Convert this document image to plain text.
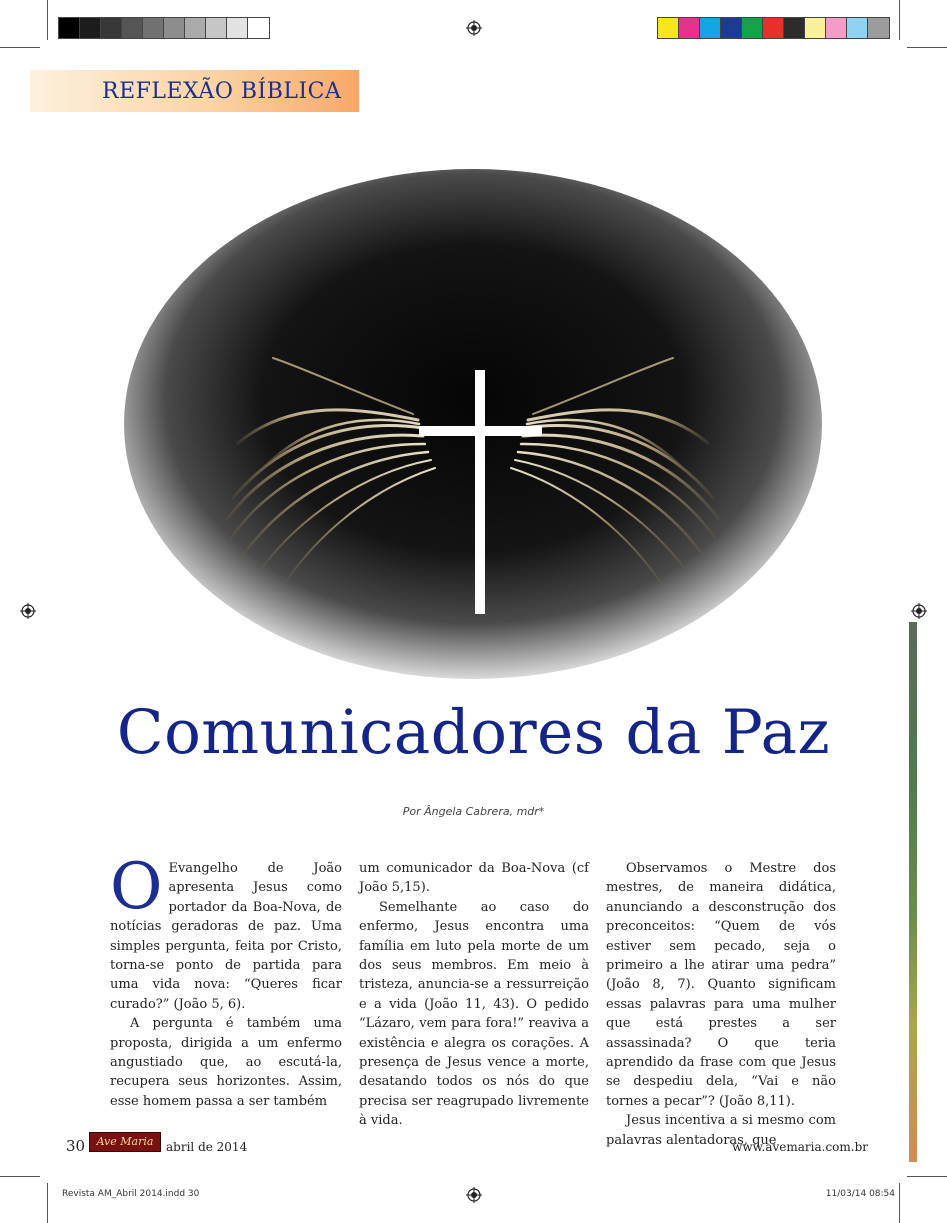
REFLEXÃO BÍBLICA
Comunicadores da Paz
Por Ângela Cabrera, mdr*

O Evangelho de João apresenta Jesus como portador da Boa-Nova, de notícias geradoras de paz. Uma simples pergunta, feita por Cristo, torna-se ponto de partida para uma vida nova: “Queres ficar curado?” (João 5, 6).

A pergunta é também uma proposta, dirigida a um enfermo angustiado que, ao escutá-la, recupera seus horizontes. Assim, esse homem passa a ser também

um comunicador da Boa-Nova (cf João 5,15).

Semelhante ao caso do enfermo, Jesus encontra uma família em luto pela morte de um dos seus membros. Em meio à tristeza, anuncia-se a ressurreição e a vida (João 11, 43). O pedido “Lázaro, vem para fora!” reaviva a existência e alegra os corações. A presença de Jesus vence a morte, desatando todos os nós do que precisa ser reagrupado livremente à vida.

Observamos o Mestre dos mestres, de maneira didática, anunciando a desconstrução dos preconceitos: “Quem de vós estiver sem pecado, seja o primeiro a lhe atirar uma pedra” (João 8, 7). Quanto significam essas palavras para uma mulher que está prestes a ser assassinada? O que teria aprendido da frase com que Jesus se despediu dela, “Vai e não tornes a pecar”? (João 8,11).

Jesus incentiva a si mesmo com palavras alentadoras, que

30	Ave Maria	abril de 2014	www.avemaria.com.br
Revista AM_Abril 2014.indd 30	11/03/14 08:54
